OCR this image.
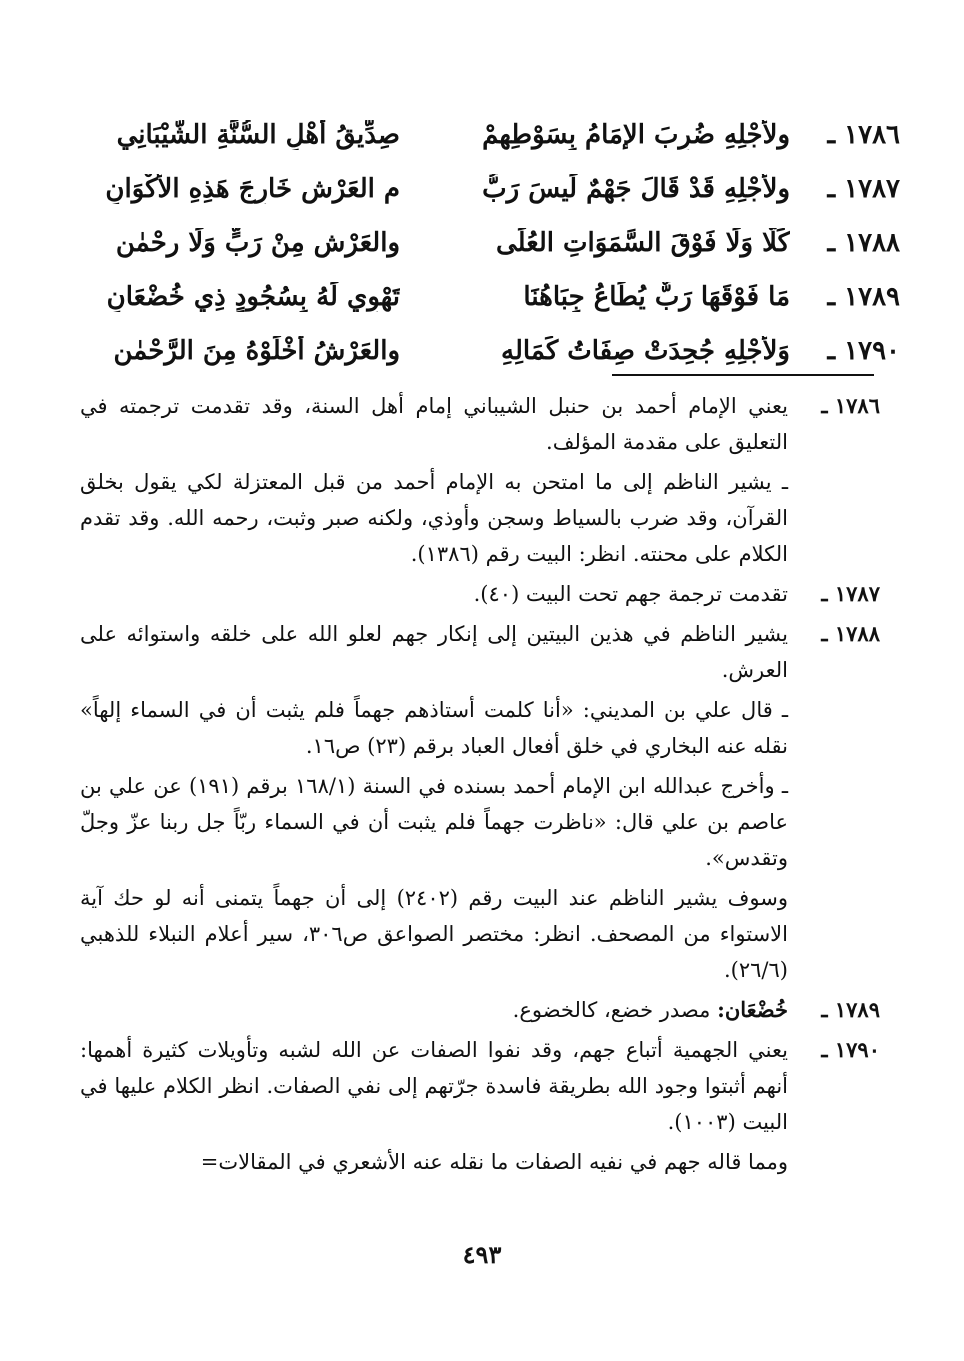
صِدِّيقُ أَهْلِ السُّنَّةِ الشَّيْبَانِي	ولأجْلِهِ ضُرِبَ الإمَامُ بِسَوْطِهِمْ	١٧٨٦ ـ
م العَرْشِ خَارِجَ هَذِهِ الأكْوَانِ	ولأجْلِهِ قَدْ قَالَ جَهْمٌ لَيسَ رَبُّ	١٧٨٧ ـ
والعَرْشِ مِنْ رَبٍّ وَلَا رحْمٰنِ	كَلَّا وَلَا فَوْقَ السَّمَوَاتِ العُلَى	١٧٨٨ ـ
تَهْوِي لَهُ بِسُجُودٍ ذِي خُضْعَانِ	مَا فَوْقَهَا رَبٌّ يُطَاعُ جِبَاهُنَا	١٧٨٩ ـ
والعَرْشُ أخْلَوْهُ مِنَ الرَّحْمٰنِ	وَلأَجْلِهِ جُحِدَتْ صِفَاتُ كَمَالِهِ	١٧٩٠ ـ
١٧٨٦ ـ

يعني الإمام أحمد بن حنبل الشيباني إمام أهل السنة، وقد تقدمت ترجمته في التعليق على مقدمة المؤلف.

ـ يشير الناظم إلى ما امتحن به الإمام أحمد من قبل المعتزلة لكي يقول بخلق القرآن، وقد ضرب بالسياط وسجن وأوذي، ولكنه صبر وثبت، رحمه الله. وقد تقدم الكلام على محنته. انظر: البيت رقم (١٣٨٦).

١٧٨٧ ـ

تقدمت ترجمة جهم تحت البيت (٤٠).

١٧٨٨ ـ

يشير الناظم في هذين البيتين إلى إنكار جهم لعلو الله على خلقه واستوائه على العرش.

ـ قال علي بن المديني: «أنا كلمت أستاذهم جهماً فلم يثبت أن في السماء إلهاً» نقله عنه البخاري في خلق أفعال العباد برقم (٢٣) ص١٦.

ـ وأخرج عبدالله ابن الإمام أحمد بسنده في السنة (١٦٨/١ برقم (١٩١) عن علي بن عاصم بن علي قال: «ناظرت جهماً فلم يثبت أن في السماء ربّاً جل ربنا عزّ وجلّ وتقدس».

وسوف يشير الناظم عند البيت رقم (٢٤٠٢) إلى أن جهماً يتمنى أنه لو حك آية الاستواء من المصحف. انظر: مختصر الصواعق ص٣٠٦، سير أعلام النبلاء للذهبي (٢٦/٦).

١٧٨٩ ـ

خُضْعَان: مصدر خضع، كالخضوع.

١٧٩٠ ـ

يعني الجهمية أتباع جهم، وقد نفوا الصفات عن الله لشبه وتأويلات كثيرة أهمها: أنهم أثبتوا وجود الله بطريقة فاسدة جرّتهم إلى نفي الصفات. انظر الكلام عليها في البيت (١٠٠٣).

ومما قاله جهم في نفيه الصفات ما نقله عنه الأشعري في المقالات=

٤٩٣
